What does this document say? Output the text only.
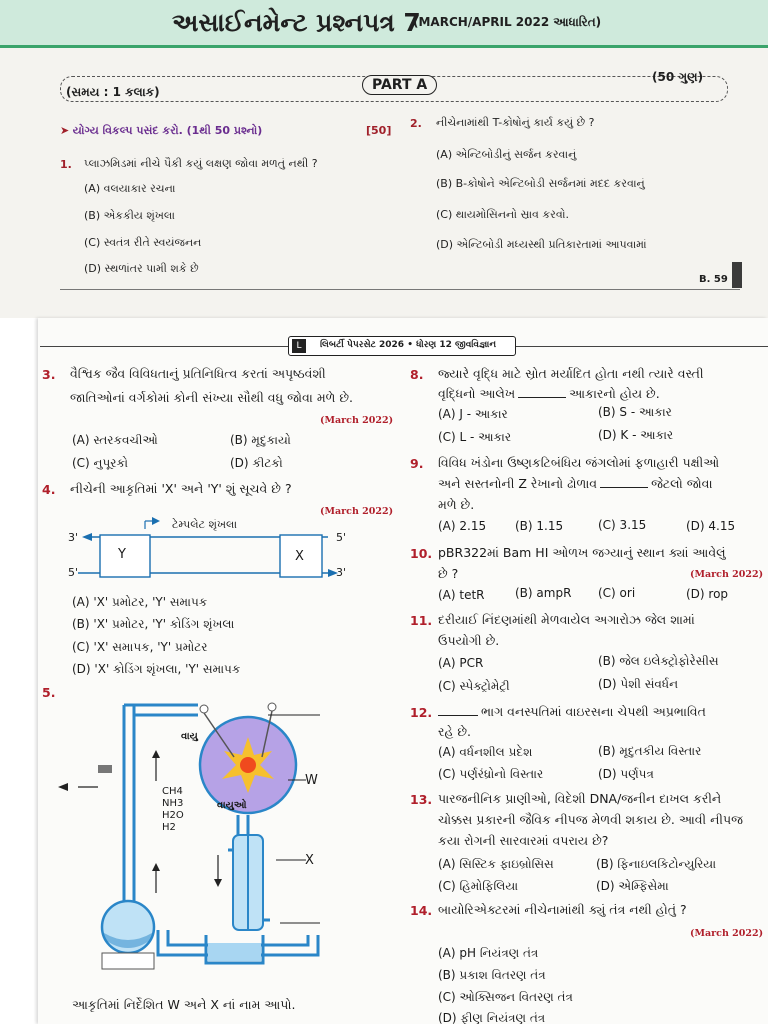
અસાઈનમેન્ટ પ્રશ્નપત્ર 7
(MARCH/APRIL 2022 આધારિત)
(સમય : 1 કલાક)	PART A	(50 ગુણ)
➤ યોગ્ય વિકલ્પ પસંદ કરો. (1થી 50 પ્રશ્નો)	[50]
1. પ્લાઝમિડમાં નીચે પૈકી કયું લક્ષણ જોવા મળતું નથી ?
(A) વલયાકાર રચના
(B) એકકીય શૃંખલા
(C) સ્વતંત્ર રીતે સ્વયંજનન
(D) સ્થળાંતર પામી શકે છે
2. નીચેનામાંથી T-કોષોનું કાર્ય કયું છે ?
(A) એન્ટિબોડીનું સર્જન કરવાનું
(B) B-કોષોને એન્ટિબોડી સર્જનમાં મદદ કરવાનું
(C) થાયમોસિનનો સ્રાવ કરવો.
(D) એન્ટિબોડી મધ્યસ્થી પ્રતિકારતામાં આપવામાં
B. 59
L	લિબર્ટી પેપરસેટ 2026 • ધોરણ 12 જીવવિજ્ઞાન
3. વૈશ્વિક જૈવ વિવિધતાનું પ્રતિનિધિત્વ કરતાં અપૃષ્ઠવંશી
જાતિઓનાં વર્ગકોમાં કોની સંખ્યા સૌથી વધુ જોવા મળે છે.
(March 2022)
(A) સ્તરકવચીઓ	(B) મૃદુકાયો
(C) નુપૂરકો	(D) કીટકો
4. નીચેની આકૃતિમાં 'X' અને 'Y' શું સૂચવે છે ?
(March 2022)
ટેમ્પલેટ શૃંખલા
3'	5'
5'	3'
Y	X
(A) 'X' પ્રમોટર, 'Y' સમાપક
(B) 'X' પ્રમોટર, 'Y' કોડિંગ શૃંખલા
(C) 'X' સમાપક, 'Y' પ્રમોટર
(D) 'X' કોડિંગ શૃંખલા, 'Y' સમાપક
5.
વાયુ
વાયુઓ
CH4
NH3
H2O
H2
W
X
આકૃતિમાં નિર્દેશિત W અને X નાં નામ આપો.
8. જ્યારે વૃદ્ધિ માટે સ્રોત મર્યાદિત હોતા નથી ત્યારે વસ્તી
વૃદ્ધિનો આલેખ	આકારનો હોય છે.
(A) J - આકાર	(B) S - આકાર
(C) L - આકાર	(D) K - આકાર
9. વિવિધ ખંડોના ઉષ્ણકટિબંધિય જંગલોમાં ફળાહારી પક્ષીઓ
અને સસ્તનોની Z રેખાનો ઢોળાવ	જેટલો જોવા
મળે છે.
(A) 2.15 (B) 1.15	(C) 3.15	(D) 4.15
10. pBR322માં Bam HI ઓળખ જગ્યાનું સ્થાન ક્યાં આવેલું
છે ?	(March 2022)
(A) tetR	(B) ampR (C) ori	(D) rop
11. દરીયાઈ નિંદણમાંથી મેળવાયેલ અગારોઝ જેલ શામાં
ઉપયોગી છે.
(A) PCR	(B) જેલ ઇલેક્ટ્રોફોરેસીસ
(C) સ્પેક્ટ્રોમેટ્રી	(D) પેશી સંવર્ધન
12.	ભાગ વનસ્પતિમાં વાઇરસના ચેપથી અપ્રભાવિત
રહે છે.
(A) વર્ધનશીલ પ્રદેશ	(B) મૃદુતકીય વિસ્તાર
(C) પર્ણરંધ્રોનો વિસ્તાર	(D) પર્ણપત્ર
13. પારજનીનિક પ્રાણીઓ, વિદેશી DNA/જનીન દાખલ કરીને
ચોક્કસ પ્રકારની જૈવિક નીપજ મેળવી શકાય છે. આવી નીપજ
કયા રોગની સારવારમાં વપરાય છે?
(A) સિસ્ટિક ફાઇબ્રોસિસ	(B) ફિનાઇલકિટોન્યુરિયા
(C) હિમોફિલિયા	(D) એમ્ફિસેમા
14. બાયોરિએક્ટરમાં નીચેનામાંથી ક્યું તંત્ર નથી હોતું ?
(March 2022)
(A) pH નિયંત્રણ તંત્ર
(B) પ્રકાશ વિતરણ તંત્ર
(C) ઓક્સિજન વિતરણ તંત્ર
(D) ફીણ નિયંત્રણ તંત્ર
